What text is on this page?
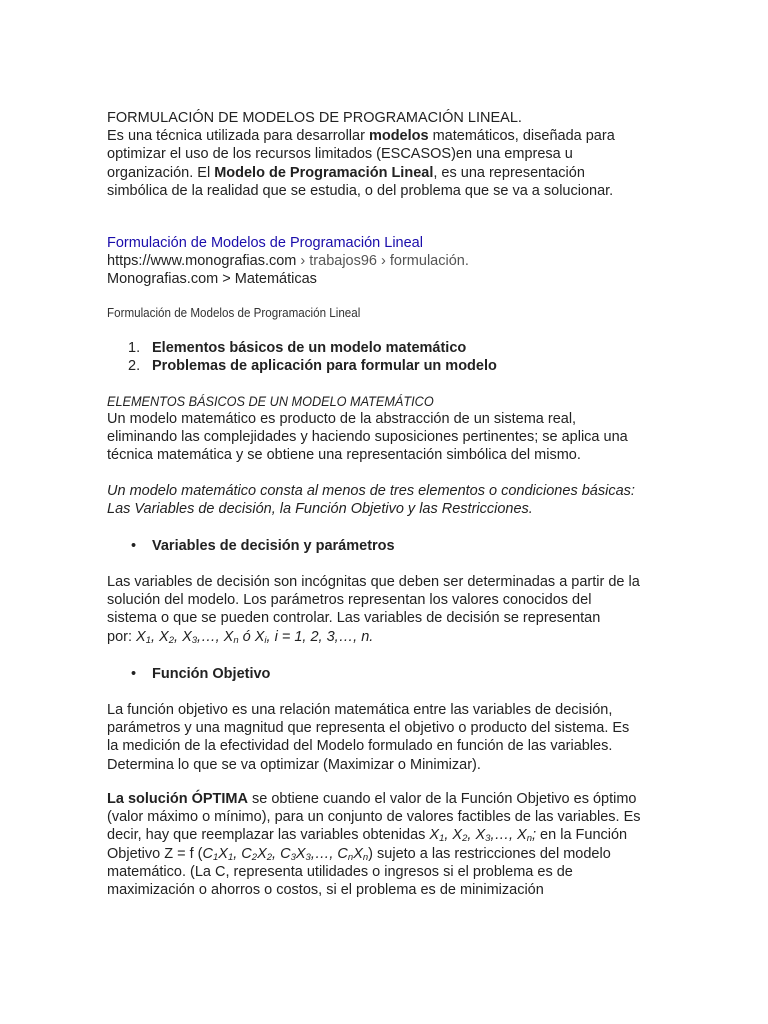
FORMULACIÓN DE MODELOS DE PROGRAMACIÓN LINEAL.
Es una técnica utilizada para desarrollar modelos matemáticos, diseñada para
optimizar el uso de los recursos limitados (ESCASOS)en una empresa u
organización. El Modelo de Programación Lineal, es una representación
simbólica de la realidad que se estudia, o del problema que se va a solucionar.
Formulación de Modelos de Programación Lineal
https://www.monografias.com › trabajos96 › formulación.
Monografias.com > Matemáticas
Formulación de Modelos de Programación Lineal
1. Elementos básicos de un modelo matemático
2. Problemas de aplicación para formular un modelo
ELEMENTOS BÁSICOS DE UN MODELO MATEMÁTICO
Un modelo matemático es producto de la abstracción de un sistema real,
eliminando las complejidades y haciendo suposiciones pertinentes; se aplica una
técnica matemática y se obtiene una representación simbólica del mismo.
Un modelo matemático consta al menos de tres elementos o condiciones básicas:
Las Variables de decisión, la Función Objetivo y las Restricciones.
• Variables de decisión y parámetros
Las variables de decisión son incógnitas que deben ser determinadas a partir de la
solución del modelo. Los parámetros representan los valores conocidos del
sistema o que se pueden controlar. Las variables de decisión se representan
por: $X_1$, $X_2$, $X_3,\dots$, $X_n$ ó $X_i$, i = 1, 2, 3,…, n.
• Función Objetivo
La función objetivo es una relación matemática entre las variables de decisión,
parámetros y una magnitud que representa el objetivo o producto del sistema. Es
la medición de la efectividad del Modelo formulado en función de las variables.
Determina lo que se va optimizar (Maximizar o Minimizar).
La solución ÓPTIMA se obtiene cuando el valor de la Función Objetivo es óptimo
(valor máximo o mínimo), para un conjunto de valores factibles de las variables. Es
decir, hay que reemplazar las variables obtenidas $X_1$, $X_2$, $X_3,\dots$, $X_n$; en la Función
Objetivo Z = f ($C_1X_1$, $C_2X_2$, $C_3X_3,\dots$, $C_nX_n$) sujeto a las restricciones del modelo
matemático. (La C, representa utilidades o ingresos si el problema es de
maximización o ahorros o costos, si el problema es de minimización
